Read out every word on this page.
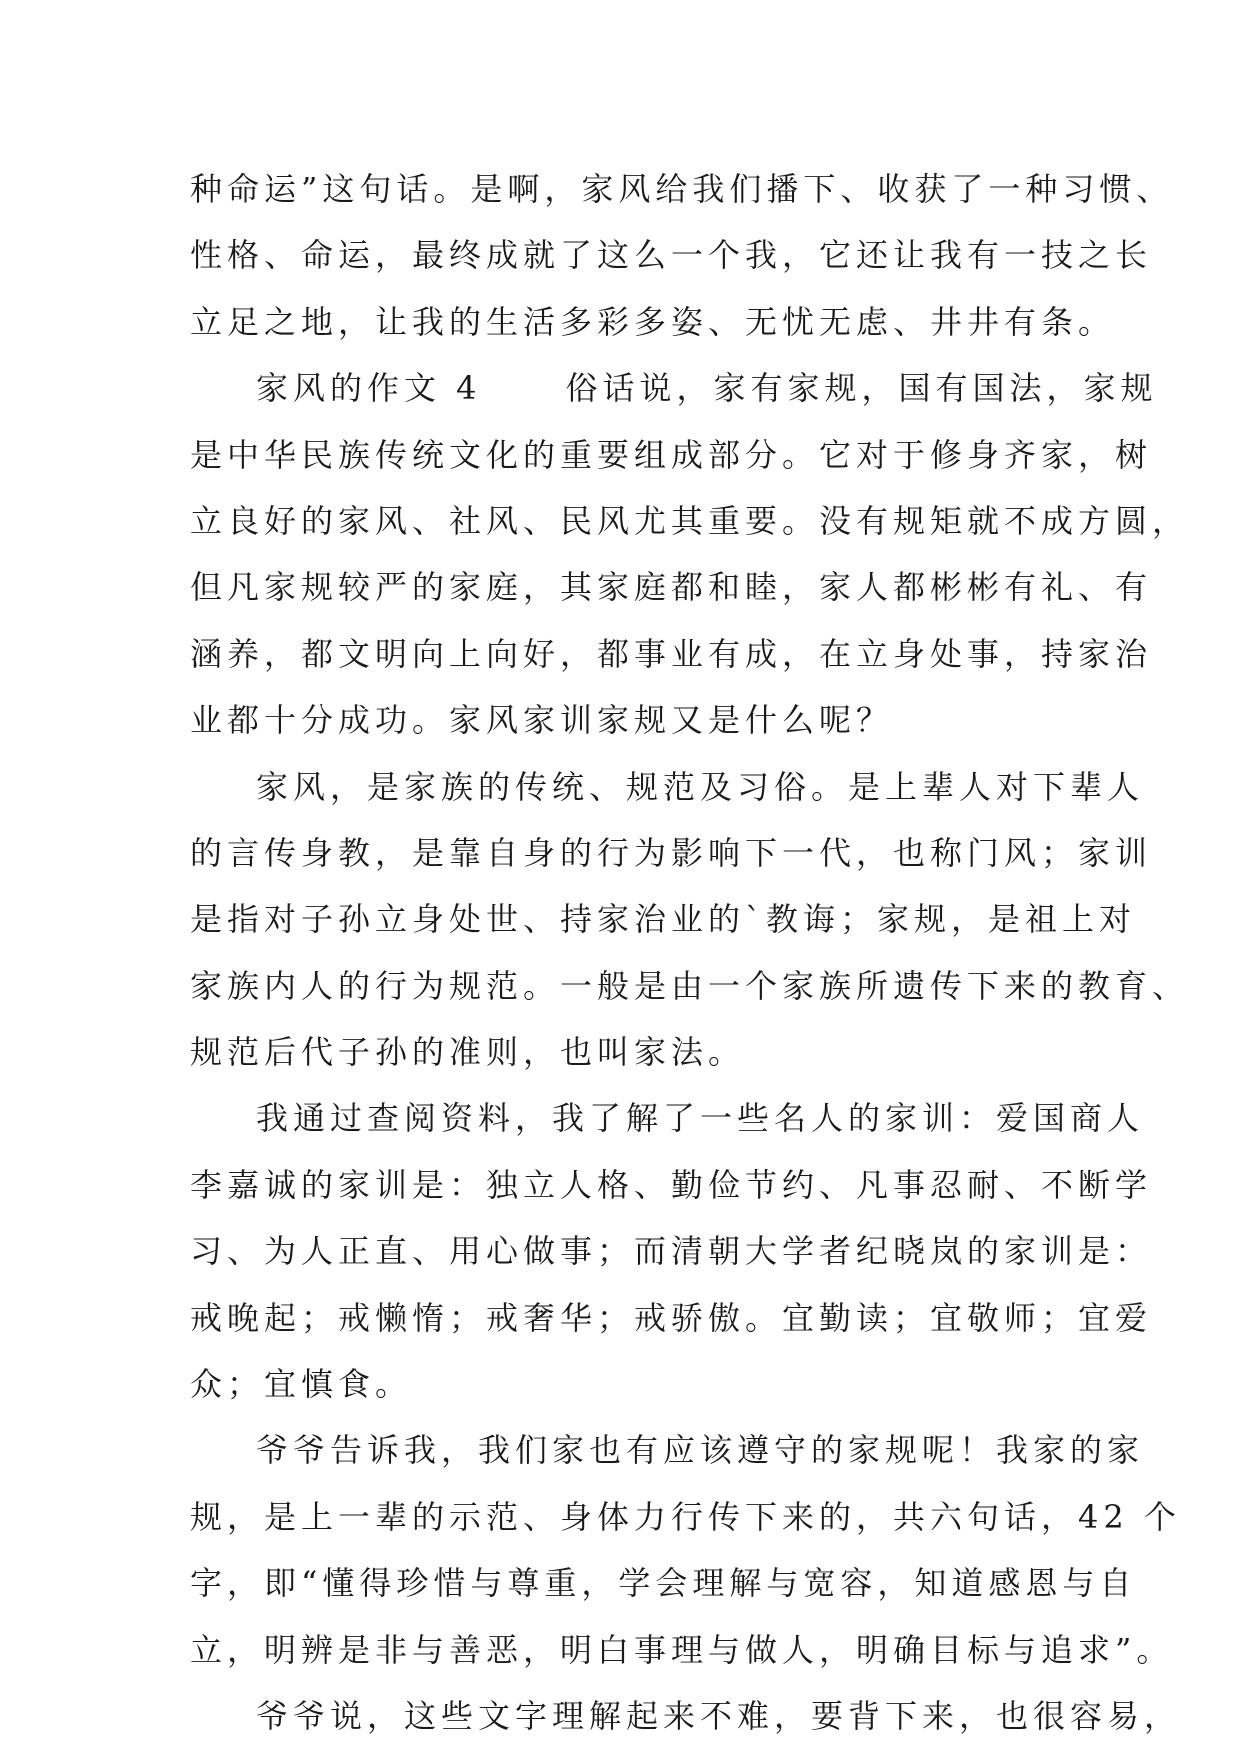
种命运”这句话。是啊，家风给我们播下、收获了一种习惯、
性格、命运，最终成就了这么一个我，它还让我有一技之长
立足之地，让我的生活多彩多姿、无忧无虑、井井有条。
家风的作文 4	俗话说，家有家规，国有国法，家规
是中华民族传统文化的重要组成部分。它对于修身齐家，树
立良好的家风、社风、民风尤其重要。没有规矩就不成方圆，
但凡家规较严的家庭，其家庭都和睦，家人都彬彬有礼、有
涵养，都文明向上向好，都事业有成，在立身处事，持家治
业都十分成功。家风家训家规又是什么呢？
家风，是家族的传统、规范及习俗。是上辈人对下辈人
的言传身教，是靠自身的行为影响下一代，也称门风；家训
是指对子孙立身处世、持家治业的`教诲；家规，是祖上对
家族内人的行为规范。一般是由一个家族所遗传下来的教育、
规范后代子孙的准则，也叫家法。
我通过查阅资料，我了解了一些名人的家训：爱国商人
李嘉诚的家训是：独立人格、勤俭节约、凡事忍耐、不断学
习、为人正直、用心做事；而清朝大学者纪晓岚的家训是：
戒晚起；戒懒惰；戒奢华；戒骄傲。宜勤读；宜敬师；宜爱
众；宜慎食。
爷爷告诉我，我们家也有应该遵守的家规呢！我家的家
规，是上一辈的示范、身体力行传下来的，共六句话，42 个
字，即“懂得珍惜与尊重，学会理解与宽容，知道感恩与自
立，明辨是非与善恶，明白事理与做人，明确目标与追求”。
爷爷说，这些文字理解起来不难，要背下来，也很容易，
